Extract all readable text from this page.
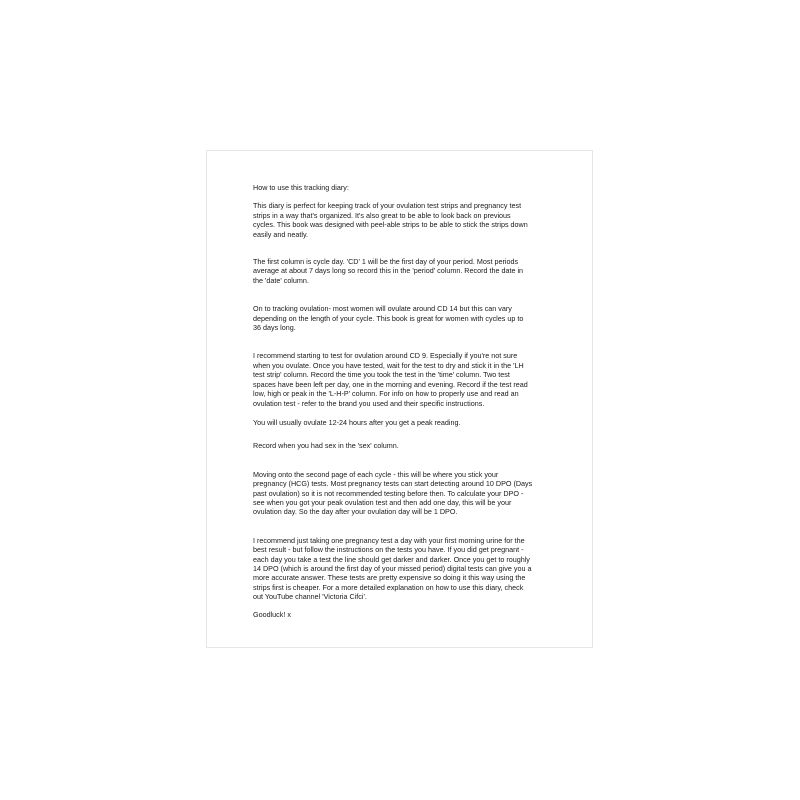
How to use this tracking diary:

This diary is perfect for keeping track of your ovulation test strips and pregnancy test
strips in a way that's organized. It's also great to be able to look back on previous
cycles. This book was designed with peel-able strips to be able to stick the strips down
easily and neatly.

The first column is cycle day. 'CD' 1 will be the first day of your period. Most periods
average at about 7 days long so record this in the 'period' column. Record the date in
the 'date' column.

On to tracking ovulation- most women will ovulate around CD 14 but this can vary
depending on the length of your cycle. This book is great for women with cycles up to
36 days long.

I recommend starting to test for ovulation around CD 9. Especially if you're not sure
when you ovulate. Once you have tested, wait for the test to dry and stick it in the 'LH
test strip' column. Record the time you took the test in the 'time' column. Two test
spaces have been left per day, one in the morning and evening. Record if the test read
low, high or peak in the 'L-H-P' column. For info on how to properly use and read an
ovulation test - refer to the brand you used and their specific instructions.

You will usually ovulate 12-24 hours after you get a peak reading.

Record when you had sex in the 'sex' column.

Moving onto the second page of each cycle - this will be where you stick your
pregnancy (HCG) tests. Most pregnancy tests can start detecting around 10 DPO (Days
past ovulation) so it is not recommended testing before then. To calculate your DPO -
see when you got your peak ovulation test and then add one day, this will be your
ovulation day. So the day after your ovulation day will be 1 DPO.

I recommend just taking one pregnancy test a day with your first morning urine for the
best result - but follow the instructions on the tests you have. If you did get pregnant -
each day you take a test the line should get darker and darker. Once you get to roughly
14 DPO (which is around the first day of your missed period) digital tests can give you a
more accurate answer. These tests are pretty expensive so doing it this way using the
strips first is cheaper. For a more detailed explanation on how to use this diary, check
out YouTube channel 'Victoria Cifci'.

Goodluck! x
